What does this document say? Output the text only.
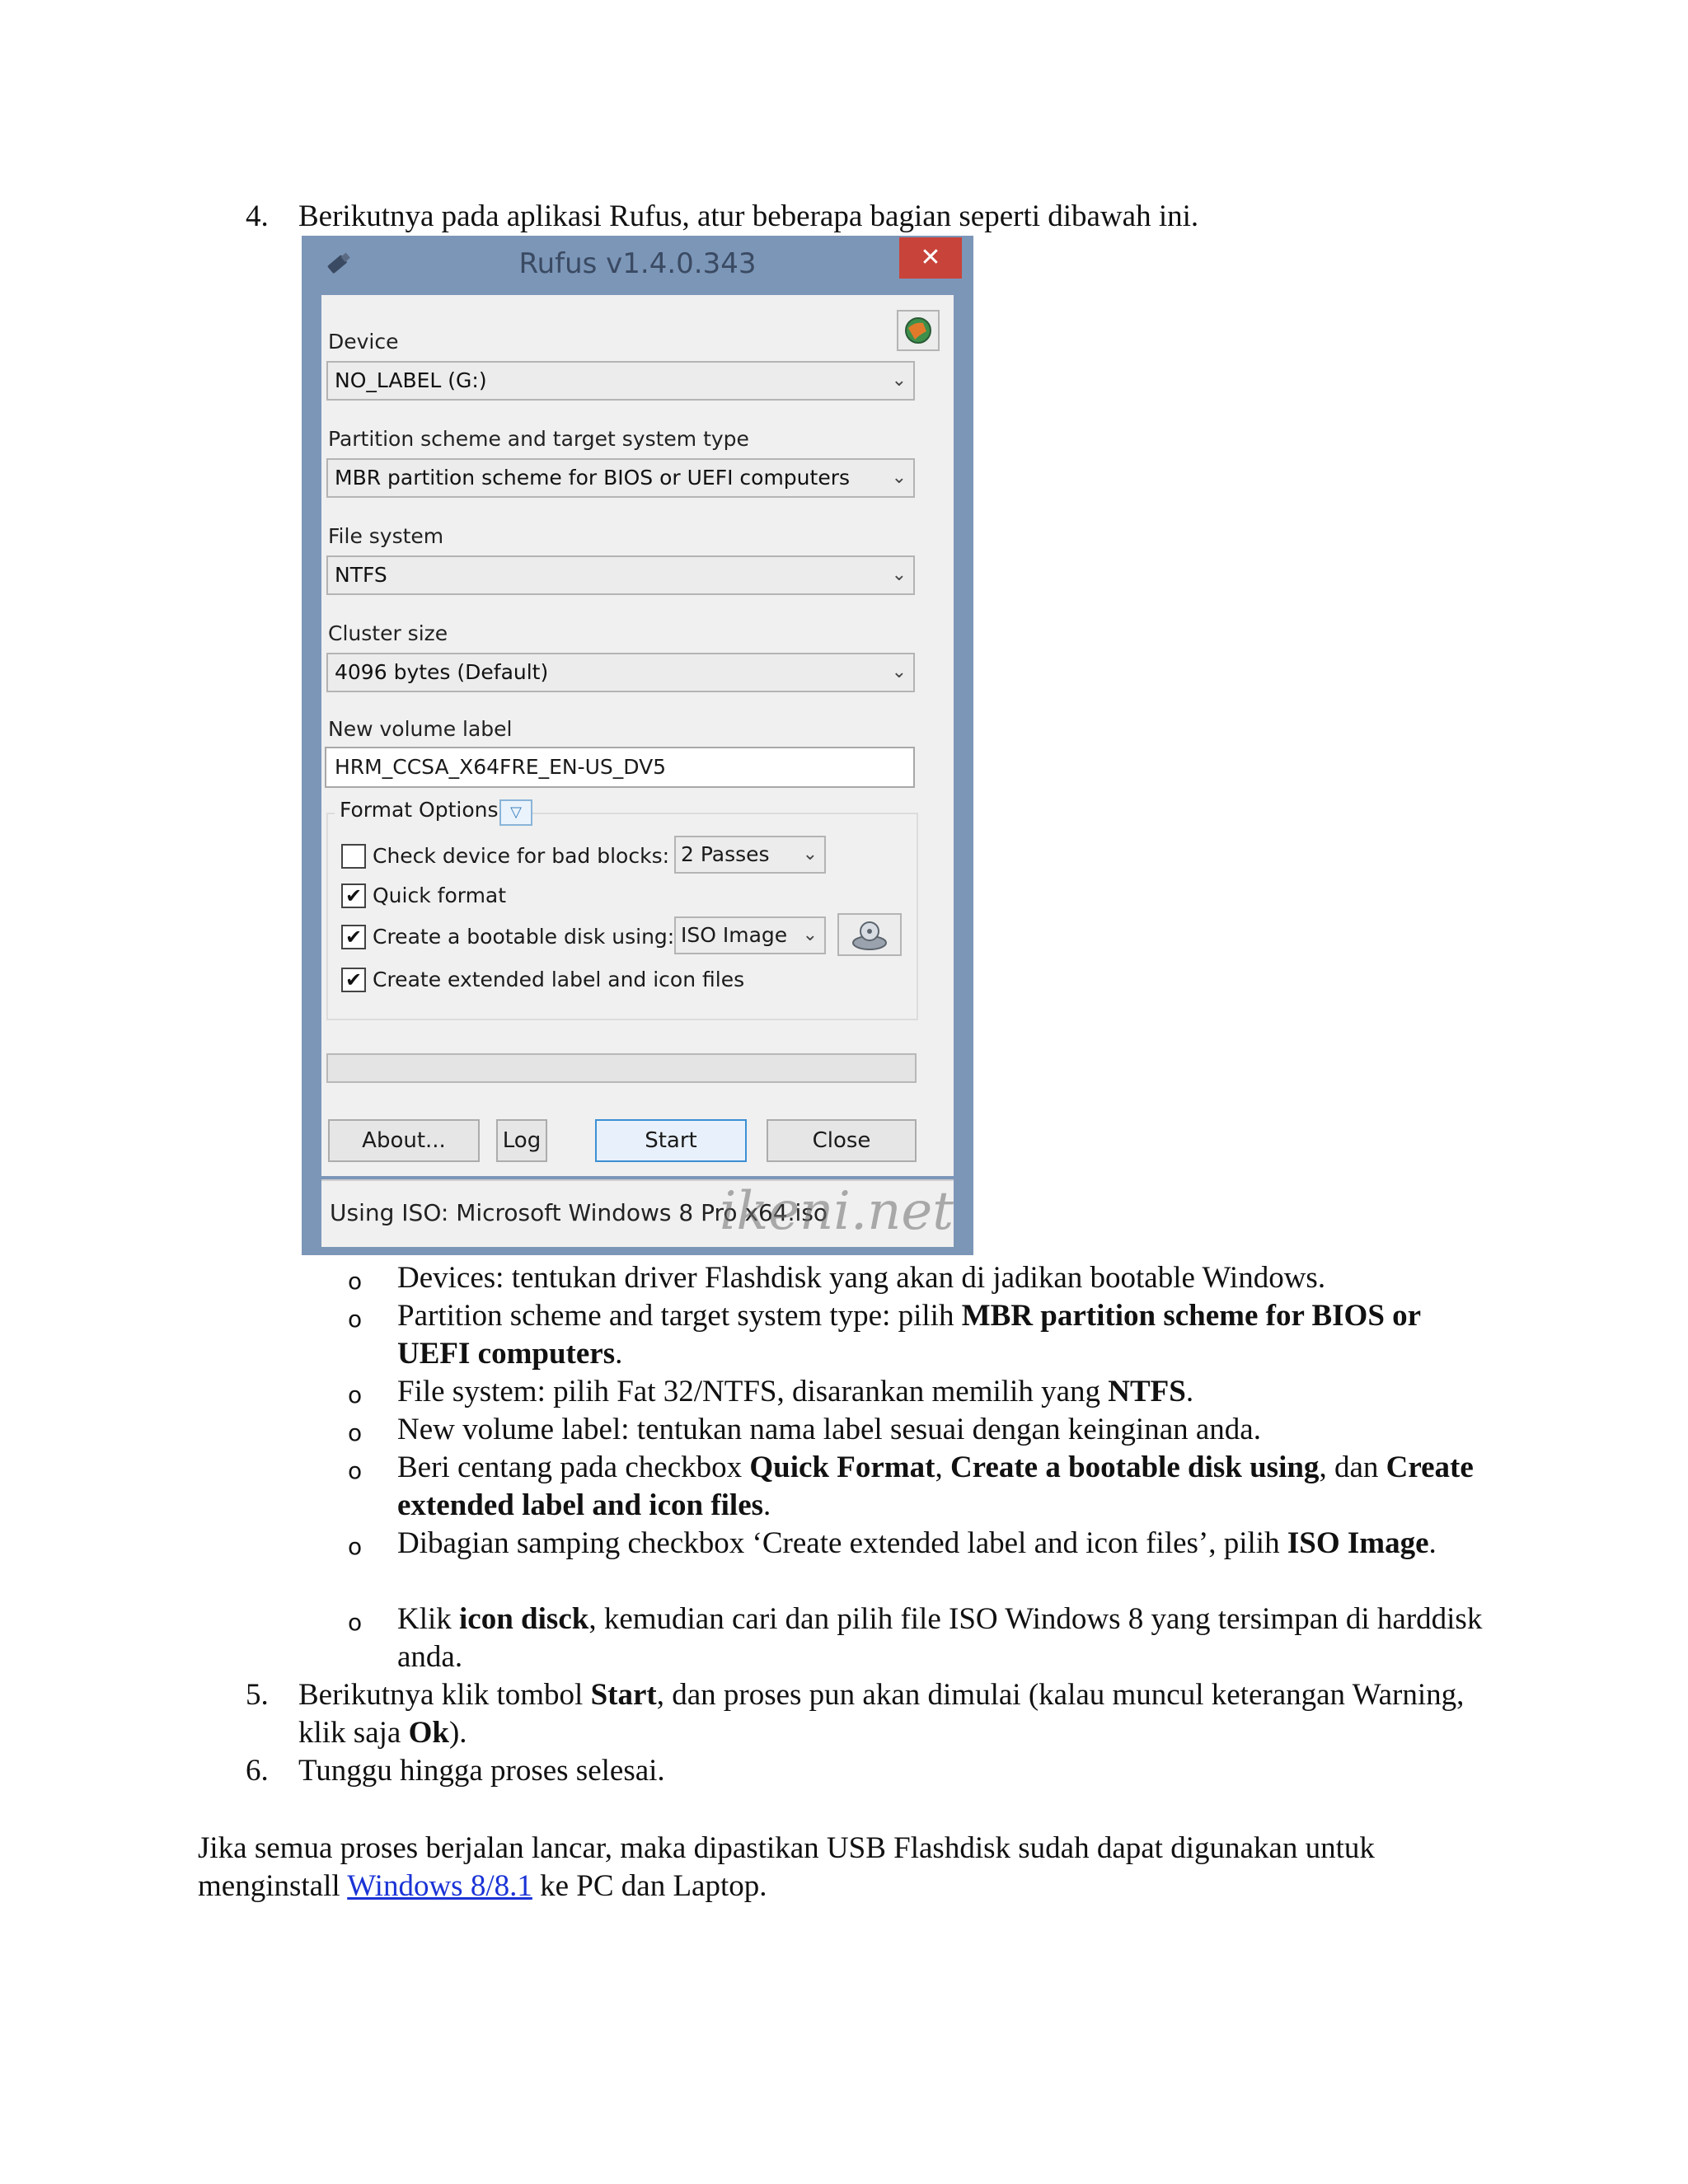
4. Berikutnya pada aplikasi Rufus, atur beberapa bagian seperti dibawah ini.
Rufus v1.4.0.343	✕
Device
NO_LABEL (G:)	⌄
Partition scheme and target system type
MBR partition scheme for BIOS or UEFI computers ⌄
File system
NTFS	⌄
Cluster size
4096 bytes (Default)	⌄
New volume label
HRM_CCSA_X64FRE_EN-US_DV5
Format Options ▽
Check device for bad blocks: 2 Passes ⌄
✔ Quick format
✔ Create a bootable disk using: ISO Image ⌄
✔ Create extended label and icon files
About...	Log	Start	Close
Using ISO: Microsoft Windows 8 Pro x64.iso
ikeni.net
o Devices: tentukan driver Flashdisk yang akan di jadikan bootable Windows.
o Partition scheme and target system type: pilih MBR partition scheme for BIOS or UEFI computers.
o File system: pilih Fat 32/NTFS, disarankan memilih yang NTFS.
o New volume label: tentukan nama label sesuai dengan keinginan anda.
o Beri centang pada checkbox Quick Format, Create a bootable disk using, dan Create extended label and icon files.
o Dibagian samping checkbox ‘Create extended label and icon files’, pilih ISO Image.
o Klik icon disck, kemudian cari dan pilih file ISO Windows 8 yang tersimpan di harddisk anda.
5. Berikutnya klik tombol Start, dan proses pun akan dimulai (kalau muncul keterangan Warning, klik saja Ok).
6. Tunggu hingga proses selesai.
Jika semua proses berjalan lancar, maka dipastikan USB Flashdisk sudah dapat digunakan untuk menginstall Windows 8/8.1 ke PC dan Laptop.
